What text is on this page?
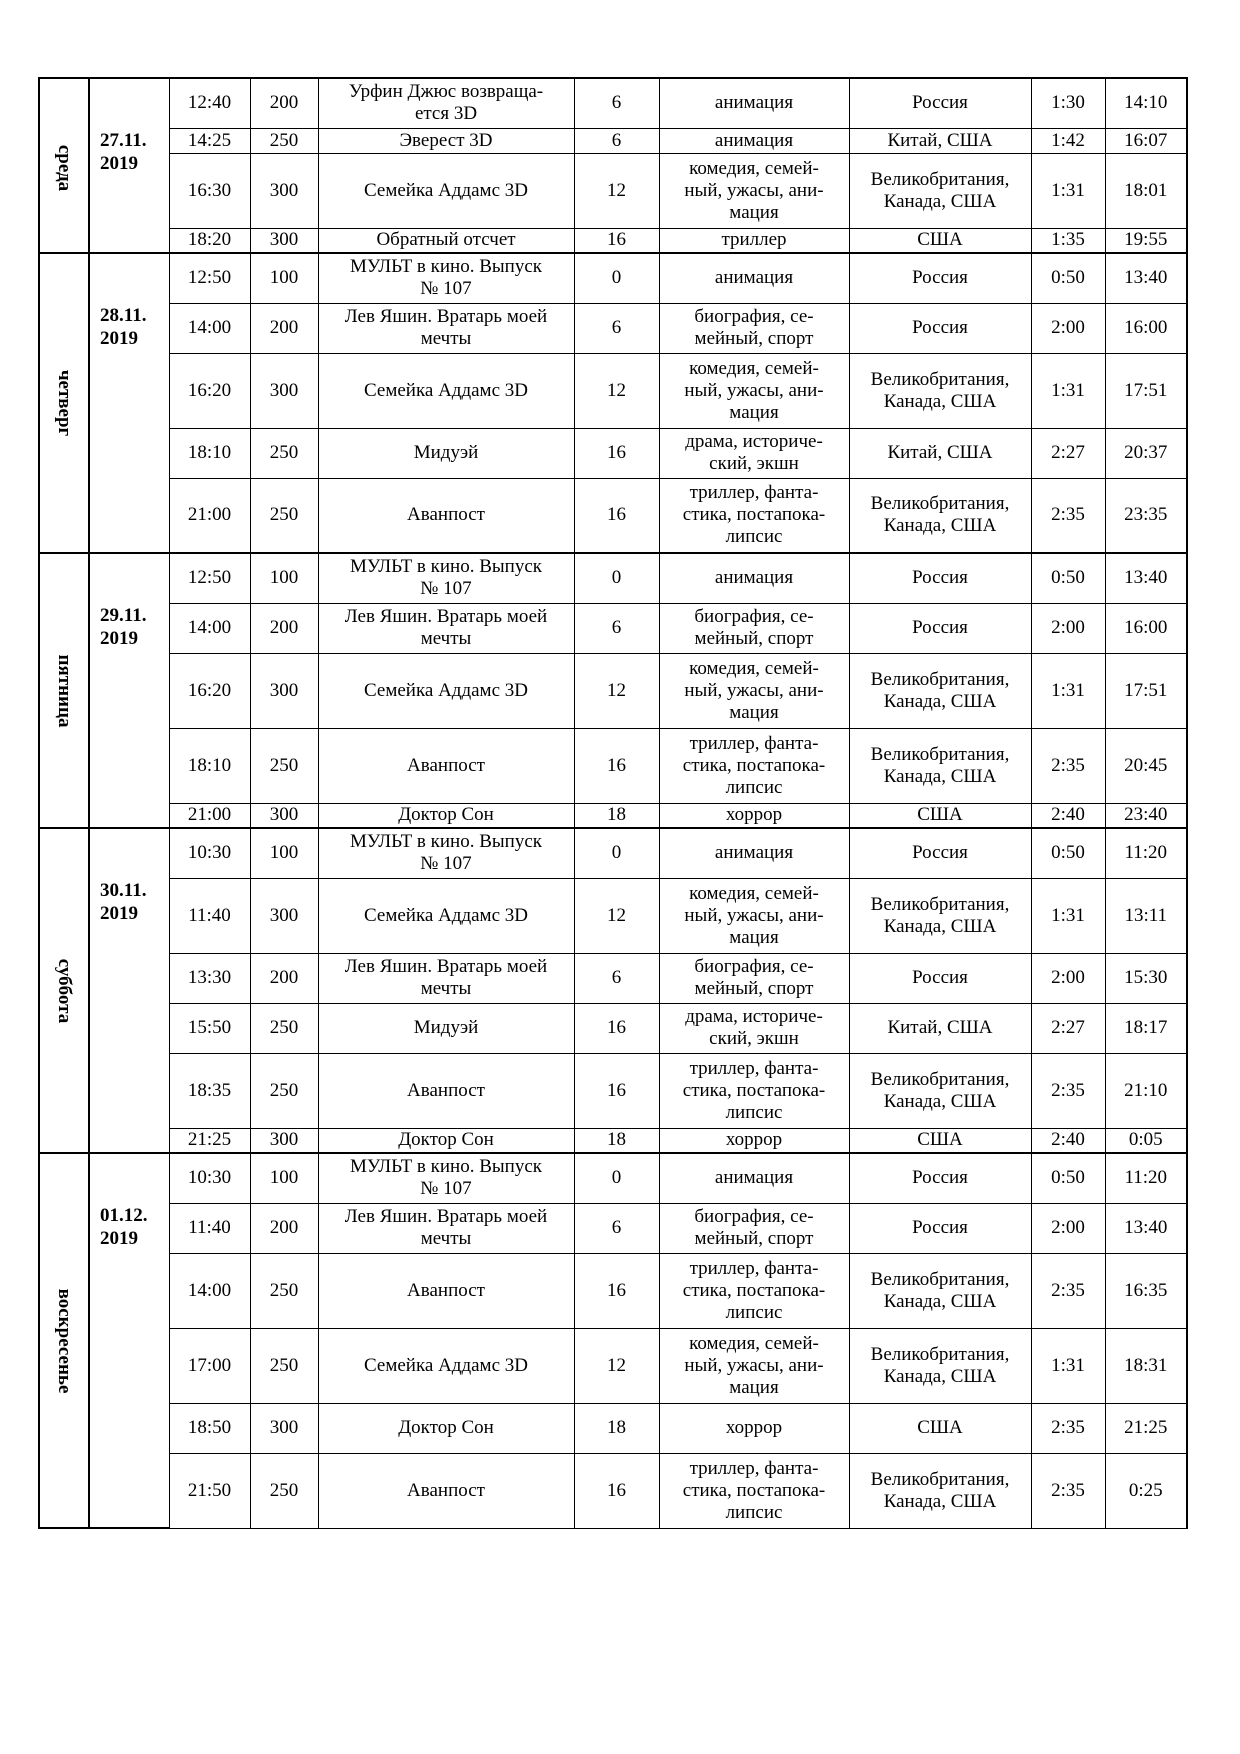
среда	27.11.
2019	12:40	200	Урфин Джюс возвраща-
ется 3D	6	анимация	Россия	1:30	14:10

		14:25	250	Эверест 3D	6	анимация	Китай, США	1:42	16:07

		16:30	300	Семейка Аддамс 3D	12	комедия, семей-
ный, ужасы, ани-
мация	Великобритания,
Канада, США	1:31	18:01

		18:20	300	Обратный отсчет	16	триллер	США	1:35	19:55

четверг	28.11.
2019	12:50	100	МУЛЬТ в кино. Выпуск
№ 107	0	анимация	Россия	0:50	13:40

		14:00	200	Лев Яшин. Вратарь моей
мечты	6	биография, се-
мейный, спорт	Россия	2:00	16:00

		16:20	300	Семейка Аддамс 3D	12	комедия, семей-
ный, ужасы, ани-
мация	Великобритания,
Канада, США	1:31	17:51

		18:10	250	Мидуэй	16	драма, историче-
ский, экшн	Китай, США	2:27	20:37

		21:00	250	Аванпост	16	триллер, фанта-
стика, постапока-
липсис	Великобритания,
Канада, США	2:35	23:35

пятница	29.11.
2019	12:50	100	МУЛЬТ в кино. Выпуск
№ 107	0	анимация	Россия	0:50	13:40

		14:00	200	Лев Яшин. Вратарь моей
мечты	6	биография, се-
мейный, спорт	Россия	2:00	16:00

		16:20	300	Семейка Аддамс 3D	12	комедия, семей-
ный, ужасы, ани-
мация	Великобритания,
Канада, США	1:31	17:51

		18:10	250	Аванпост	16	триллер, фанта-
стика, постапока-
липсис	Великобритания,
Канада, США	2:35	20:45

		21:00	300	Доктор Сон	18	хоррор	США	2:40	23:40

суббота	30.11.
2019	10:30	100	МУЛЬТ в кино. Выпуск
№ 107	0	анимация	Россия	0:50	11:20

		11:40	300	Семейка Аддамс 3D	12	комедия, семей-
ный, ужасы, ани-
мация	Великобритания,
Канада, США	1:31	13:11

		13:30	200	Лев Яшин. Вратарь моей
мечты	6	биография, се-
мейный, спорт	Россия	2:00	15:30

		15:50	250	Мидуэй	16	драма, историче-
ский, экшн	Китай, США	2:27	18:17

		18:35	250	Аванпост	16	триллер, фанта-
стика, постапока-
липсис	Великобритания,
Канада, США	2:35	21:10

		21:25	300	Доктор Сон	18	хоррор	США	2:40	0:05

воскресенье	01.12.
2019	10:30	100	МУЛЬТ в кино. Выпуск
№ 107	0	анимация	Россия	0:50	11:20

		11:40	200	Лев Яшин. Вратарь моей
мечты	6	биография, се-
мейный, спорт	Россия	2:00	13:40

		14:00	250	Аванпост	16	триллер, фанта-
стика, постапока-
липсис	Великобритания,
Канада, США	2:35	16:35

		17:00	250	Семейка Аддамс 3D	12	комедия, семей-
ный, ужасы, ани-
мация	Великобритания,
Канада, США	1:31	18:31

		18:50	300	Доктор Сон	18	хоррор	США	2:35	21:25

		21:50	250	Аванпост	16	триллер, фанта-
стика, постапока-
липсис	Великобритания,
Канада, США	2:35	0:25
